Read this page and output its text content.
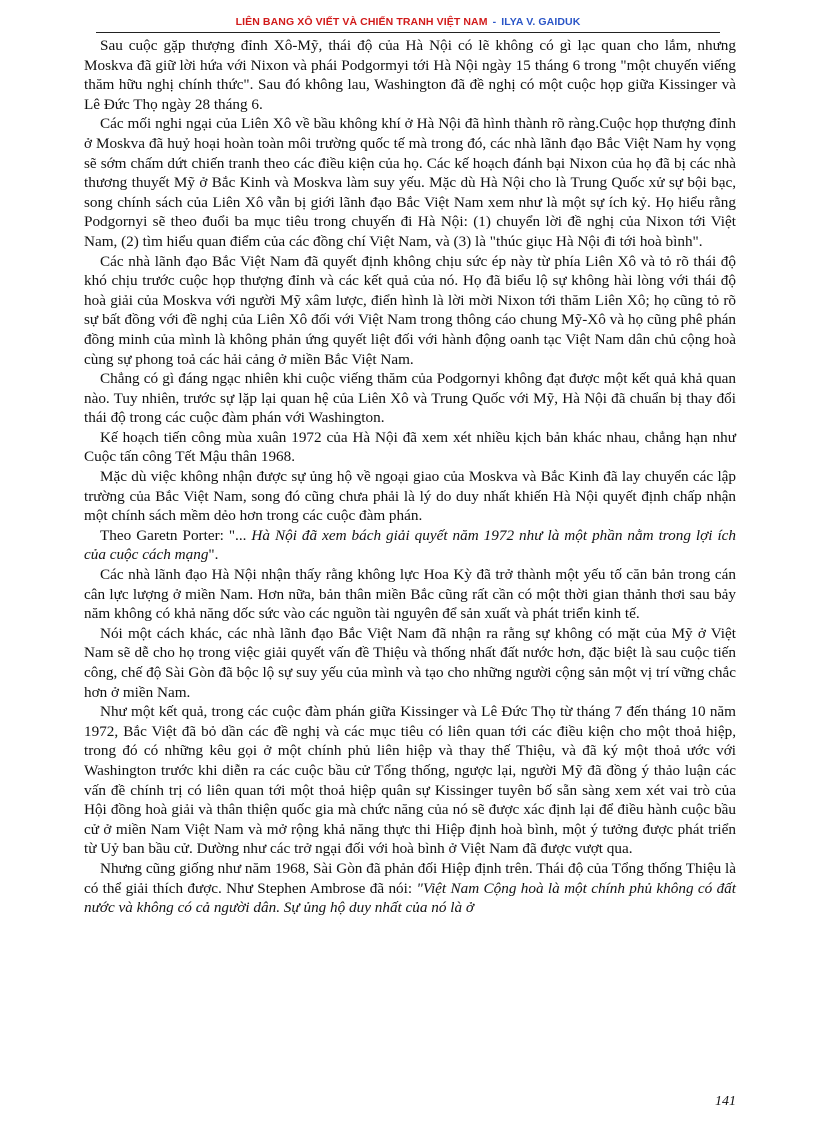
LIÊN BANG XÔ VIẾT VÀ CHIẾN TRANH VIỆT NAM - ILYA V. GAIDUK

Sau cuộc gặp thượng đỉnh Xô-Mỹ, thái độ của Hà Nội có lẽ không có gì lạc quan cho lắm, nhưng Moskva đã giữ lời hứa với Nixon và phái Podgormyi tới Hà Nội ngày 15 tháng 6 trong "một chuyến viếng thăm hữu nghị chính thức". Sau đó không lau, Washington đã đề nghị có một cuộc họp giữa Kissinger và Lê Đức Thọ ngày 28 tháng 6.

Các mối nghi ngại của Liên Xô về bầu không khí ở Hà Nội đã hình thành rõ ràng.Cuộc họp thượng đỉnh ở Moskva đã huỷ hoại hoàn toàn môi trường quốc tế mà trong đó, các nhà lãnh đạo Bắc Việt Nam hy vọng sẽ sớm chấm dứt chiến tranh theo các điều kiện của họ. Các kế hoạch đánh bại Nixon của họ đã bị các nhà thương thuyết Mỹ ở Bắc Kinh và Moskva làm suy yếu. Mặc dù Hà Nội cho là Trung Quốc xử sự bội bạc, song chính sách của Liên Xô vẫn bị giới lãnh đạo Bắc Việt Nam xem như là một sự ích kỷ. Họ hiểu rằng Podgornyi sẽ theo đuổi ba mục tiêu trong chuyến đi Hà Nội: (1) chuyển lời đề nghị của Nixon tới Việt Nam, (2) tìm hiểu quan điểm của các đồng chí Việt Nam, và (3) là "thúc giục Hà Nội đi tới hoà bình".

Các nhà lãnh đạo Bắc Việt Nam đã quyết định không chịu sức ép này từ phía Liên Xô và tỏ rõ thái độ khó chịu trước cuộc họp thượng đỉnh và các kết quả của nó. Họ đã biểu lộ sự không hài lòng với thái độ hoà giải của Moskva với người Mỹ xâm lược, điển hình là lời mời Nixon tới thăm Liên Xô; họ cũng tỏ rõ sự bất đồng với đề nghị của Liên Xô đối với Việt Nam trong thông cáo chung Mỹ-Xô và họ cũng phê phán đồng minh của mình là không phản ứng quyết liệt đối với hành động oanh tạc Việt Nam dân chủ cộng hoà cùng sự phong toả các hải cảng ở miền Bắc Việt Nam.

Chẳng có gì đáng ngạc nhiên khi cuộc viếng thăm của Podgornyi không đạt được một kết quả khả quan nào. Tuy nhiên, trước sự lặp lại quan hệ của Liên Xô và Trung Quốc với Mỹ, Hà Nội đã chuẩn bị thay đổi thái độ trong các cuộc đàm phán với Washington.

Kế hoạch tiến công mùa xuân 1972 của Hà Nội đã xem xét nhiều kịch bản khác nhau, chẳng hạn như Cuộc tấn công Tết Mậu thân 1968.

Mặc dù việc không nhận được sự ủng hộ về ngoại giao của Moskva và Bắc Kinh đã lay chuyển các lập trường của Bắc Việt Nam, song đó cũng chưa phải là lý do duy nhất khiến Hà Nội quyết định chấp nhận một chính sách mềm dẻo hơn trong các cuộc đàm phán.

Theo Garetn Porter: "... Hà Nội đã xem bách giải quyết năm 1972 như là một phần nằm trong lợi ích của cuộc cách mạng".

Các nhà lãnh đạo Hà Nội nhận thấy rằng không lực Hoa Kỳ đã trở thành một yếu tố căn bản trong cán cân lực lượng ở miền Nam. Hơn nữa, bản thân miền Bắc cũng rất cần có một thời gian thảnh thơi sau bảy năm không có khả năng dốc sức vào các nguồn tài nguyên để sản xuất và phát triển kinh tế.

Nói một cách khác, các nhà lãnh đạo Bắc Việt Nam đã nhận ra rằng sự không có mặt của Mỹ ở Việt Nam sẽ dễ cho họ trong việc giải quyết vấn đề Thiệu và thống nhất đất nước hơn, đặc biệt là sau cuộc tiến công, chế độ Sài Gòn đã bộc lộ sự suy yếu của mình và tạo cho những người cộng sản một vị trí vững chắc hơn ở miền Nam.

Như một kết quả, trong các cuộc đàm phán giữa Kissinger và Lê Đức Thọ từ tháng 7 đến tháng 10 năm 1972, Bắc Việt đã bỏ dần các đề nghị và các mục tiêu có liên quan tới các điều kiện cho một thoả hiệp, trong đó có những kêu gọi ở một chính phủ liên hiệp và thay thế Thiệu, và đã ký một thoả ước với Washington trước khi diễn ra các cuộc bầu cử Tổng thống, ngược lại, người Mỹ đã đồng ý thảo luận các vấn đề chính trị có liên quan tới một thoả hiệp quân sự Kissinger tuyên bố sẵn sàng xem xét vai trò của Hội đồng hoà giải và thân thiện quốc gia mà chức năng của nó sẽ được xác định lại để điều hành cuộc bầu cử ở miền Nam Việt Nam và mở rộng khả năng thực thi Hiệp định hoà bình, một ý tưởng được phát triển từ Uỷ ban bầu cử. Dường như các trở ngại đối với hoà bình ở Việt Nam đã được vượt qua.

Nhưng cũng giống như năm 1968, Sài Gòn đã phản đối Hiệp định trên. Thái độ của Tổng thống Thiệu là có thể giải thích được. Như Stephen Ambrose đã nói: "Việt Nam Cộng hoà là một chính phủ không có đất nước và không có cả người dân. Sự ủng hộ duy nhất của nó là ở

141
